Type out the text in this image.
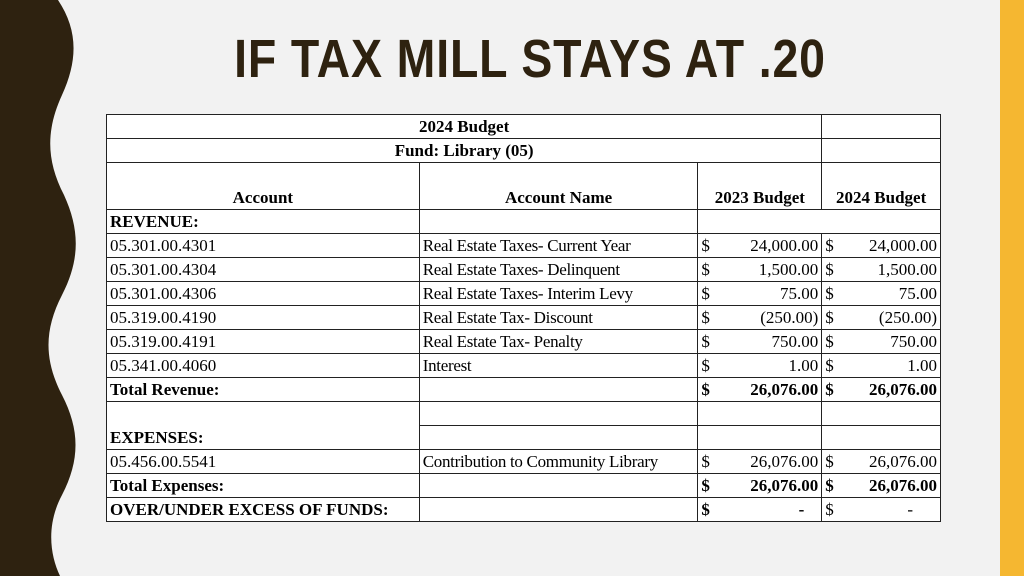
IF TAX MILL STAYS AT .20
2024 Budget			
Fund: Library (05)			

Account	Account Name	2023 Budget	2024 Budget
REVENUE:			
05.301.00.4301	Real Estate Taxes- Current Year	$ 24,000.00	$ 24,000.00

05.301.00.4304	Real Estate Taxes- Delinquent	$ 1,500.00	$ 1,500.00

05.301.00.4306	Real Estate Taxes- Interim Levy	$ 75.00	$ 75.00

05.319.00.4190	Real Estate Tax- Discount	$ (250.00)	$ (250.00)

05.319.00.4191	Real Estate Tax- Penalty	$ 750.00	$ 750.00

05.341.00.4060	Interest	$ 1.00	$ 1.00

Total Revenue:		$ 26,076.00	$ 26,076.00

EXPENSES:			
05.456.00.5541	Contribution to Community Library	$ 26,076.00	$ 26,076.00

Total Expenses:		$ 26,076.00	$ 26,076.00

OVER/UNDER EXCESS OF FUNDS:		$ -	$ -
